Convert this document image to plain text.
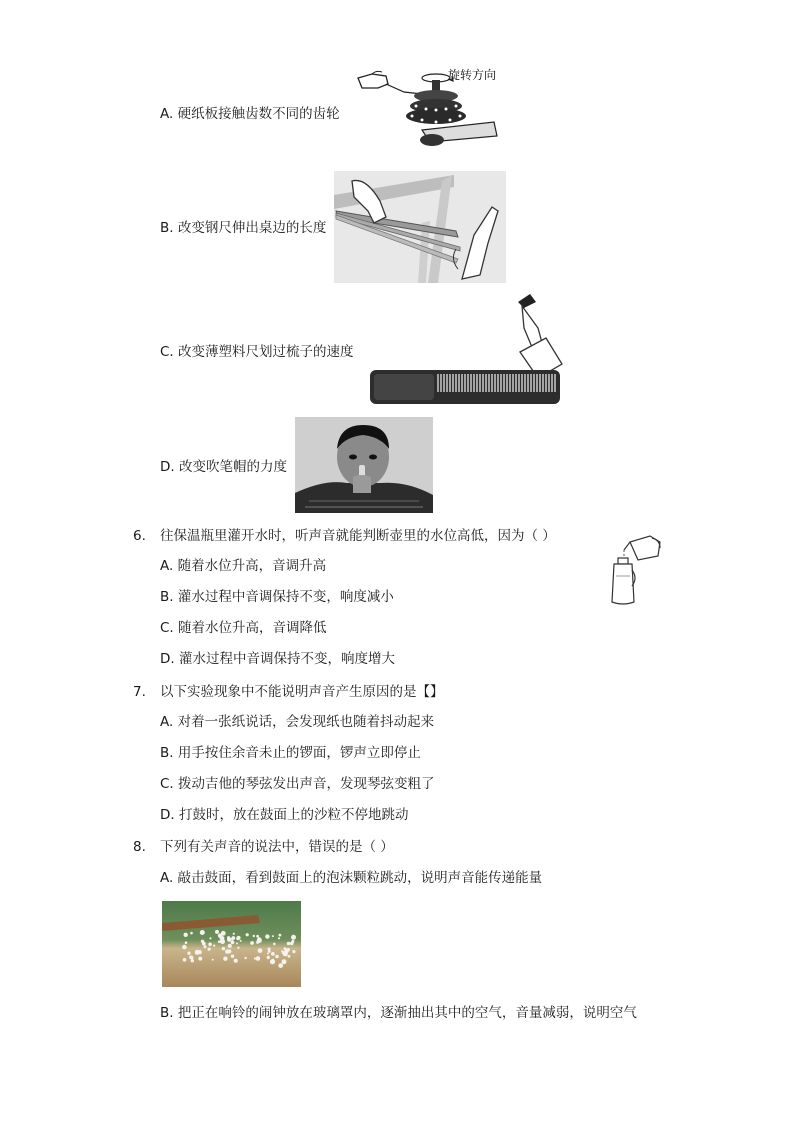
A. 硬纸板接触齿数不同的齿轮
旋转方向
B. 改变钢尺伸出桌边的长度
C. 改变薄塑料尺划过梳子的速度
D. 改变吹笔帽的力度
6. 往保温瓶里灌开水时，听声音就能判断壶里的水位高低，因为（ ）
A. 随着水位升高，音调升高
B. 灌水过程中音调保持不变，响度减小
C. 随着水位升高，音调降低
D. 灌水过程中音调保持不变，响度增大
7. 以下实验现象中不能说明声音产生原因的是【】
A. 对着一张纸说话，会发现纸也随着抖动起来
B. 用手按住余音未止的锣面，锣声立即停止
C. 拨动吉他的琴弦发出声音，发现琴弦变粗了
D. 打鼓时，放在鼓面上的沙粒不停地跳动
8. 下列有关声音的说法中，错误的是（ ）
A. 敲击鼓面，看到鼓面上的泡沫颗粒跳动，说明声音能传递能量
B. 把正在响铃的闹钟放在玻璃罩内，逐渐抽出其中的空气，音量减弱，说明空气
